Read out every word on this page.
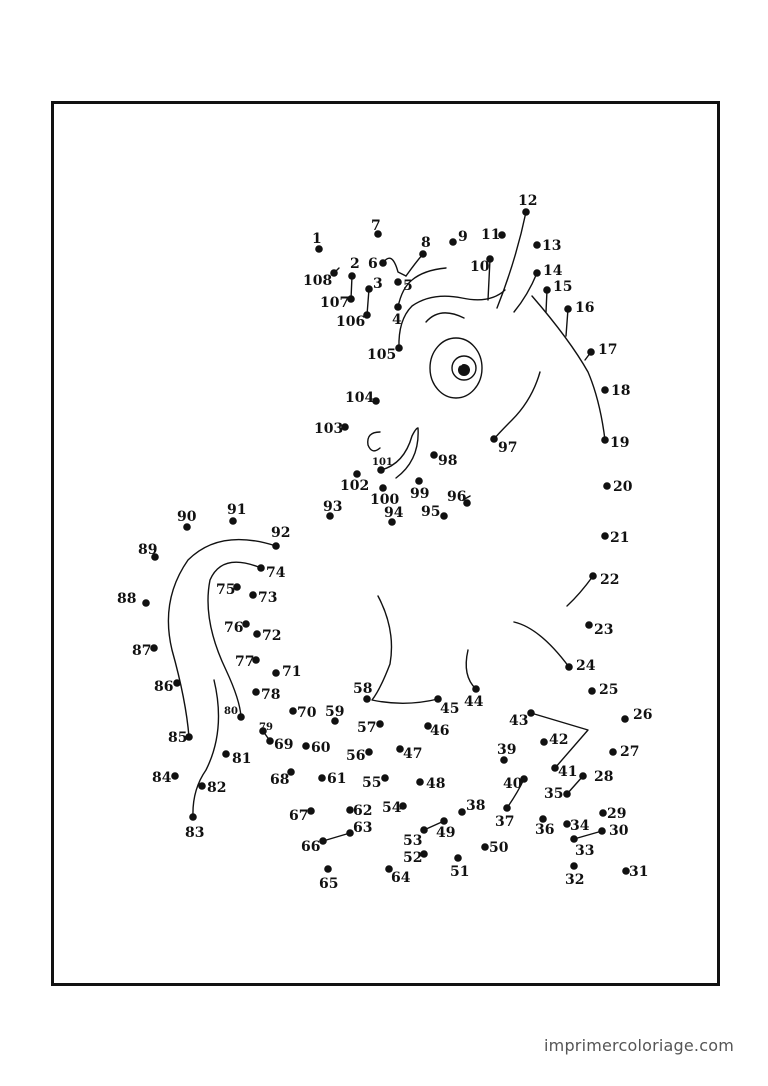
1
2
3
4
5
6
7
8 9
10
11
12
13
14
15
16
17
18
19
20
21
22
23
24
25
26
27
28
29
30
31
32
33
34
35
36
37
38
39
40
41
42
43
44
45
46
47
48
49
50
51
52
53
54
55
56
57
58
59
60
61
62
63
64
65
66
67
68
69
70
71
72
73
74
75
76
77
78
79
80
81
82
83
84
85
86
87
88
89
90 91
92
93	94 95
96
97
98
99
100
101
102
103
104
105
106
107
108
imprimercoloriage.com
